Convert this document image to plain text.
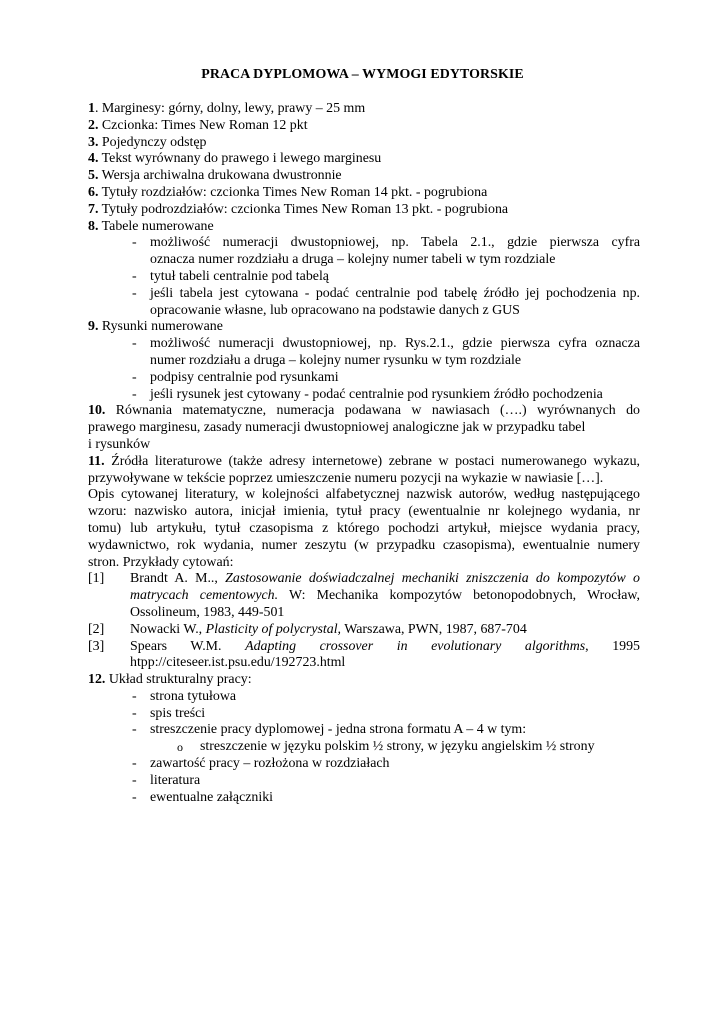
PRACA DYPLOMOWA – WYMOGI EDYTORSKIE

1. Marginesy: górny, dolny, lewy, prawy – 25 mm

2. Czcionka: Times New Roman 12 pkt

3. Pojedynczy odstęp

4. Tekst wyrównany do prawego i lewego marginesu

5. Wersja archiwalna drukowana dwustronnie

6. Tytuły rozdziałów: czcionka Times New Roman 14 pkt. - pogrubiona

7. Tytuły podrozdziałów: czcionka Times New Roman 13 pkt. - pogrubiona

8. Tabele numerowane

- możliwość numeracji dwustopniowej, np. Tabela 2.1., gdzie pierwsza cyfra

oznacza numer rozdziału a druga – kolejny numer tabeli w tym rozdziale

- tytuł tabeli centralnie pod tabelą

- jeśli tabela jest cytowana - podać centralnie pod tabelę źródło jej pochodzenia np.

opracowanie własne, lub opracowano na podstawie danych z GUS

9. Rysunki numerowane

- możliwość numeracji dwustopniowej, np. Rys.2.1., gdzie pierwsza cyfra oznacza

numer rozdziału a druga – kolejny numer rysunku w tym rozdziale

- podpisy centralnie pod rysunkami

- jeśli rysunek jest cytowany - podać centralnie pod rysunkiem źródło pochodzenia

10. Równania matematyczne, numeracja podawana w nawiasach (….) wyrównanych do

prawego marginesu, zasady numeracji dwustopniowej analogiczne jak w przypadku tabel

i rysunków

11. Źródła literaturowe (także adresy internetowe) zebrane w postaci numerowanego wykazu,

przywoływane w tekście poprzez umieszczenie numeru pozycji na wykazie w nawiasie […].

Opis cytowanej literatury, w kolejności alfabetycznej nazwisk autorów, według następującego

wzoru: nazwisko autora, inicjał imienia, tytuł pracy (ewentualnie nr kolejnego wydania, nr

tomu) lub artykułu, tytuł czasopisma z którego pochodzi artykuł, miejsce wydania pracy,

wydawnictwo, rok wydania, numer zeszytu (w przypadku czasopisma), ewentualnie numery

stron. Przykłady cytowań:

[1] Brandt A. M.., Zastosowanie doświadczalnej mechaniki zniszczenia do kompozytów o

matrycach cementowych. W: Mechanika kompozytów betonopodobnych, Wrocław,

Ossolineum, 1983, 449-501

[2] Nowacki W., Plasticity of polycrystal, Warszawa, PWN, 1987, 687-704

[3] Spears W.M. Adapting crossover in evolutionary algorithms, 1995

htpp://citeseer.ist.psu.edu/192723.html

12. Układ strukturalny pracy:

- strona tytułowa

- spis treści

- streszczenie pracy dyplomowej - jedna strona formatu A – 4 w tym:

o streszczenie w języku polskim ½ strony, w języku angielskim ½ strony

- zawartość pracy – rozłożona w rozdziałach

- literatura

- ewentualne załączniki
